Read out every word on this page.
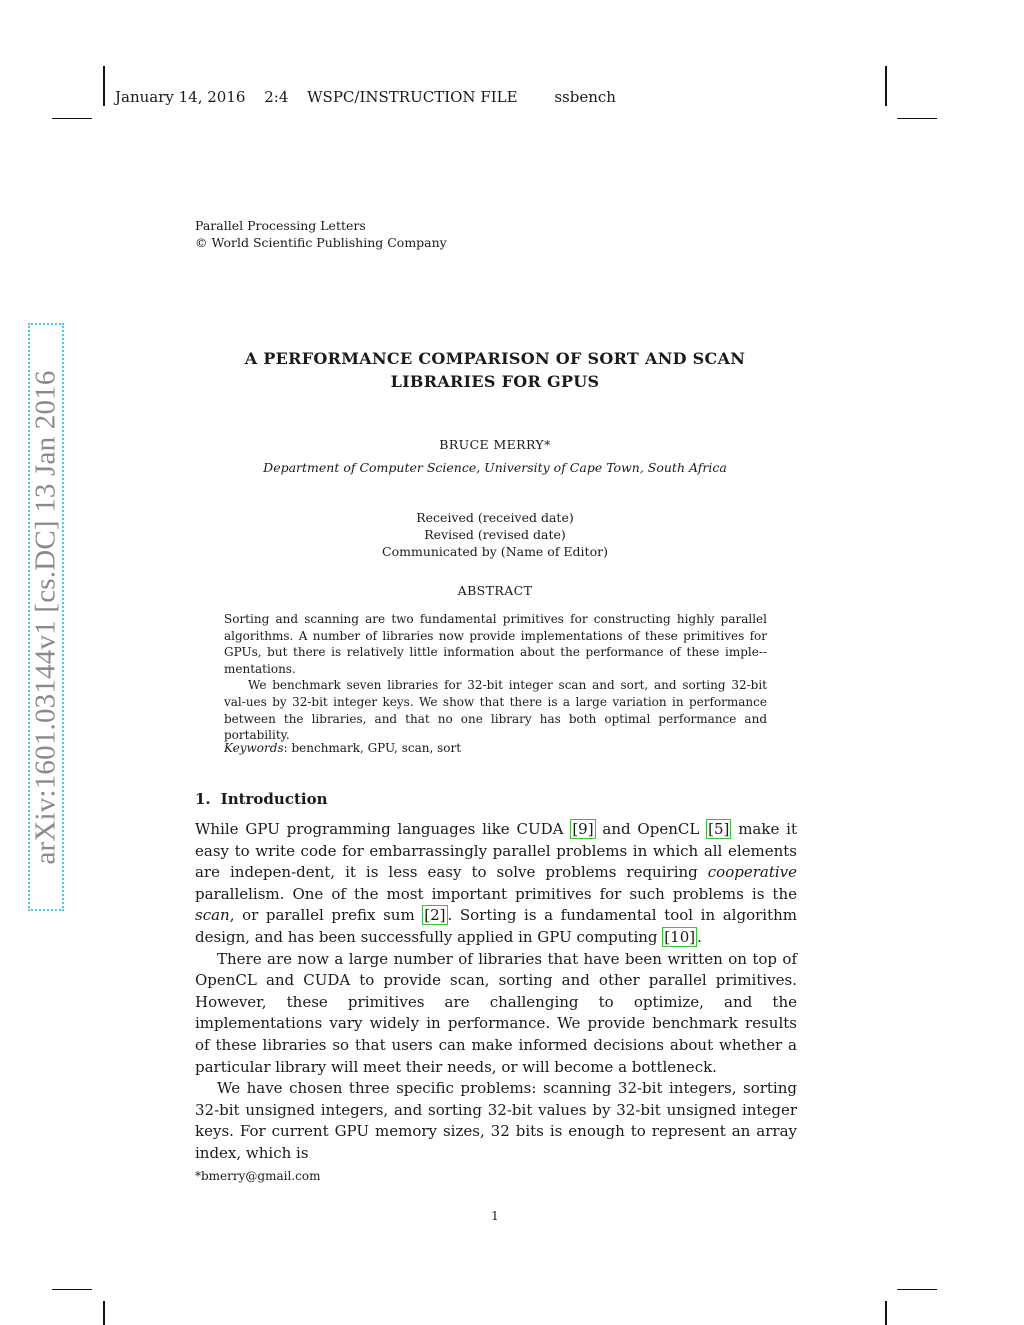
January 14, 2016 2:4 WSPC/INSTRUCTION FILE ssbench
Parallel Processing Letters
© World Scientific Publishing Company
arXiv:1601.03144v1 [cs.DC] 13 Jan 2016
A PERFORMANCE COMPARISON OF SORT AND SCAN
LIBRARIES FOR GPUS
BRUCE MERRY*
Department of Computer Science, University of Cape Town, South Africa
Received (received date)
Revised (revised date)
Communicated by (Name of Editor)
ABSTRACT

Sorting and scanning are two fundamental primitives for constructing highly parallel algorithms. A number of libraries now provide implementations of these primitives for GPUs, but there is relatively little information about the performance of these imple-mentations.

We benchmark seven libraries for 32-bit integer scan and sort, and sorting 32-bit val-ues by 32-bit integer keys. We show that there is a large variation in performance between the libraries, and that no one library has both optimal performance and portability.

Keywords: benchmark, GPU, scan, sort
1. Introduction

While GPU programming languages like CUDA [9] and OpenCL [5] make it easy to write code for embarrassingly parallel problems in which all elements are indepen-dent, it is less easy to solve problems requiring cooperative parallelism. One of the most important primitives for such problems is the scan, or parallel prefix sum [2] . Sorting is a fundamental tool in algorithm design, and has been successfully applied in GPU computing [10] .

There are now a large number of libraries that have been written on top of OpenCL and CUDA to provide scan, sorting and other parallel primitives. However, these primitives are challenging to optimize, and the implementations vary widely in performance. We provide benchmark results of these libraries so that users can make informed decisions about whether a particular library will meet their needs, or will become a bottleneck.

We have chosen three specific problems: scanning 32-bit integers, sorting 32-bit unsigned integers, and sorting 32-bit values by 32-bit unsigned integer keys. For current GPU memory sizes, 32 bits is enough to represent an array index, which is

*bmerry@gmail.com
1
